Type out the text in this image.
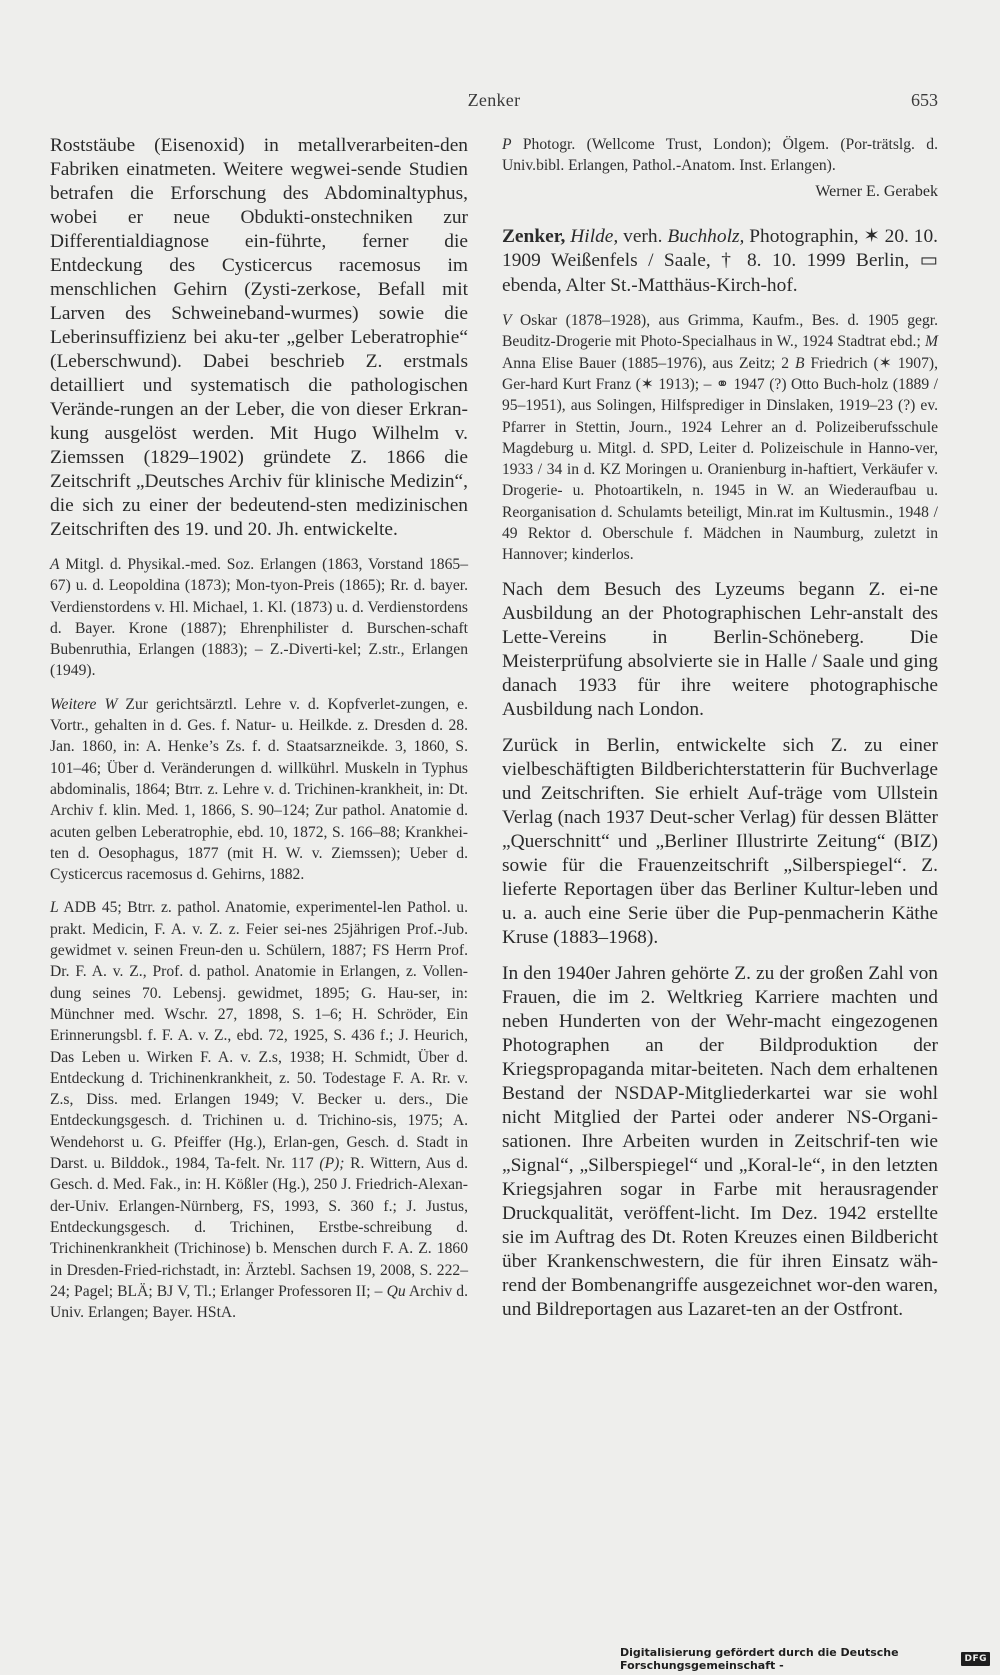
Zenker	653

Roststäube (Eisenoxid) in metallverarbeiten-den Fabriken einatmeten. Weitere wegwei-sende Studien betrafen die Erforschung des Abdominaltyphus, wobei er neue Obdukti-onstechniken zur Differentialdiagnose ein-führte, ferner die Entdeckung des Cysticercus racemosus im menschlichen Gehirn (Zysti-zerkose, Befall mit Larven des Schweineband-wurmes) sowie die Leberinsuffizienz bei aku-ter „gelber Leberatrophie“ (Leberschwund). Dabei beschrieb Z. erstmals detailliert und systematisch die pathologischen Verände-rungen an der Leber, die von dieser Erkran-kung ausgelöst werden. Mit Hugo Wilhelm v. Ziemssen (1829–1902) gründete Z. 1866 die Zeitschrift „Deutsches Archiv für klinische Medizin“, die sich zu einer der bedeutend-sten medizinischen Zeitschriften des 19. und 20. Jh. entwickelte.

A Mitgl. d. Physikal.-med. Soz. Erlangen (1863, Vorstand 1865–67) u. d. Leopoldina (1873); Mon-tyon-Preis (1865); Rr. d. bayer. Verdienstordens v. Hl. Michael, 1. Kl. (1873) u. d. Verdienstordens d. Bayer. Krone (1887); Ehrenphilister d. Burschen-schaft Bubenruthia, Erlangen (1883); – Z.-Diverti-kel; Z.str., Erlangen (1949).

Weitere W Zur gerichtsärztl. Lehre v. d. Kopfverlet-zungen, e. Vortr., gehalten in d. Ges. f. Natur- u. Heilkde. z. Dresden d. 28. Jan. 1860, in: A. Henke’s Zs. f. d. Staatsarzneikde. 3, 1860, S. 101–46; Über d. Veränderungen d. willkührl. Muskeln in Typhus abdominalis, 1864; Btrr. z. Lehre v. d. Trichinen-krankheit, in: Dt. Archiv f. klin. Med. 1, 1866, S. 90–124; Zur pathol. Anatomie d. acuten gelben Leberatrophie, ebd. 10, 1872, S. 166–88; Krankhei-ten d. Oesophagus, 1877 (mit H. W. v. Ziemssen); Ueber d. Cysticercus racemosus d. Gehirns, 1882.

L ADB 45; Btrr. z. pathol. Anatomie, experimentel-len Pathol. u. prakt. Medicin, F. A. v. Z. z. Feier sei-nes 25jährigen Prof.-Jub. gewidmet v. seinen Freun-den u. Schülern, 1887; FS Herrn Prof. Dr. F. A. v. Z., Prof. d. pathol. Anatomie in Erlangen, z. Vollen-dung seines 70. Lebensj. gewidmet, 1895; G. Hau-ser, in: Münchner med. Wschr. 27, 1898, S. 1–6; H. Schröder, Ein Erinnerungsbl. f. F. A. v. Z., ebd. 72, 1925, S. 436 f.; J. Heurich, Das Leben u. Wirken F. A. v. Z.s, 1938; H. Schmidt, Über d. Entdeckung d. Trichinenkrankheit, z. 50. Todestage F. A. Rr. v. Z.s, Diss. med. Erlangen 1949; V. Becker u. ders., Die Entdeckungsgesch. d. Trichinen u. d. Trichino-sis, 1975; A. Wendehorst u. G. Pfeiffer (Hg.), Erlan-gen, Gesch. d. Stadt in Darst. u. Bilddok., 1984, Ta-felt. Nr. 117 (P); R. Wittern, Aus d. Gesch. d. Med. Fak., in: H. Kößler (Hg.), 250 J. Friedrich-Alexan-der-Univ. Erlangen-Nürnberg, FS, 1993, S. 360 f.; J. Justus, Entdeckungsgesch. d. Trichinen, Erstbe-schreibung d. Trichinenkrankheit (Trichinose) b. Menschen durch F. A. Z. 1860 in Dresden-Fried-richstadt, in: Ärztebl. Sachsen 19, 2008, S. 222–24; Pagel; BLÄ; BJ V, Tl.; Erlanger Professoren II; – Qu Archiv d. Univ. Erlangen; Bayer. HStA.

P Photogr. (Wellcome Trust, London); Ölgem. (Por-trätslg. d. Univ.bibl. Erlangen, Pathol.-Anatom. Inst. Erlangen).

Werner E. Gerabek

Zenker, Hilde, verh. Buchholz, Photographin, ✶ 20. 10. 1909 Weißenfels / Saale, † 8. 10. 1999 Berlin, ▭ ebenda, Alter St.-Matthäus-Kirch-hof.

V Oskar (1878–1928), aus Grimma, Kaufm., Bes. d. 1905 gegr. Beuditz-Drogerie mit Photo-Specialhaus in W., 1924 Stadtrat ebd.; M Anna Elise Bauer (1885–1976), aus Zeitz; 2 B Friedrich (✶ 1907), Ger-hard Kurt Franz (✶ 1913); – ⚭ 1947 (?) Otto Buch-holz (1889 / 95–1951), aus Solingen, Hilfsprediger in Dinslaken, 1919–23 (?) ev. Pfarrer in Stettin, Journ., 1924 Lehrer an d. Polizeiberufsschule Magdeburg u. Mitgl. d. SPD, Leiter d. Polizeischule in Hanno-ver, 1933 / 34 in d. KZ Moringen u. Oranienburg in-haftiert, Verkäufer v. Drogerie- u. Photoartikeln, n. 1945 in W. an Wiederaufbau u. Reorganisation d. Schulamts beteiligt, Min.rat im Kultusmin., 1948 / 49 Rektor d. Oberschule f. Mädchen in Naumburg, zuletzt in Hannover; kinderlos.

Nach dem Besuch des Lyzeums begann Z. ei-ne Ausbildung an der Photographischen Lehr-anstalt des Lette-Vereins in Berlin-Schöneberg. Die Meisterprüfung absolvierte sie in Halle / Saale und ging danach 1933 für ihre weitere photographische Ausbildung nach London.

Zurück in Berlin, entwickelte sich Z. zu einer vielbeschäftigten Bildberichterstatterin für Buchverlage und Zeitschriften. Sie erhielt Auf-träge vom Ullstein Verlag (nach 1937 Deut-scher Verlag) für dessen Blätter „Querschnitt“ und „Berliner Illustrirte Zeitung“ (BIZ) sowie für die Frauenzeitschrift „Silberspiegel“. Z. lieferte Reportagen über das Berliner Kultur-leben und u. a. auch eine Serie über die Pup-penmacherin Käthe Kruse (1883–1968).

In den 1940er Jahren gehörte Z. zu der großen Zahl von Frauen, die im 2. Weltkrieg Karriere machten und neben Hunderten von der Wehr-macht eingezogenen Photographen an der Bildproduktion der Kriegspropaganda mitar-beiteten. Nach dem erhaltenen Bestand der NSDAP-Mitgliederkartei war sie wohl nicht Mitglied der Partei oder anderer NS-Organi-sationen. Ihre Arbeiten wurden in Zeitschrif-ten wie „Signal“, „Silberspiegel“ und „Koral-le“, in den letzten Kriegsjahren sogar in Farbe mit herausragender Druckqualität, veröffent-licht. Im Dez. 1942 erstellte sie im Auftrag des Dt. Roten Kreuzes einen Bildbericht über Krankenschwestern, die für ihren Einsatz wäh-rend der Bombenangriffe ausgezeichnet wor-den waren, und Bildreportagen aus Lazaret-ten an der Ostfront.

Digitalisierung gefördert durch die Deutsche Forschungsgemeinschaft -	DFG
